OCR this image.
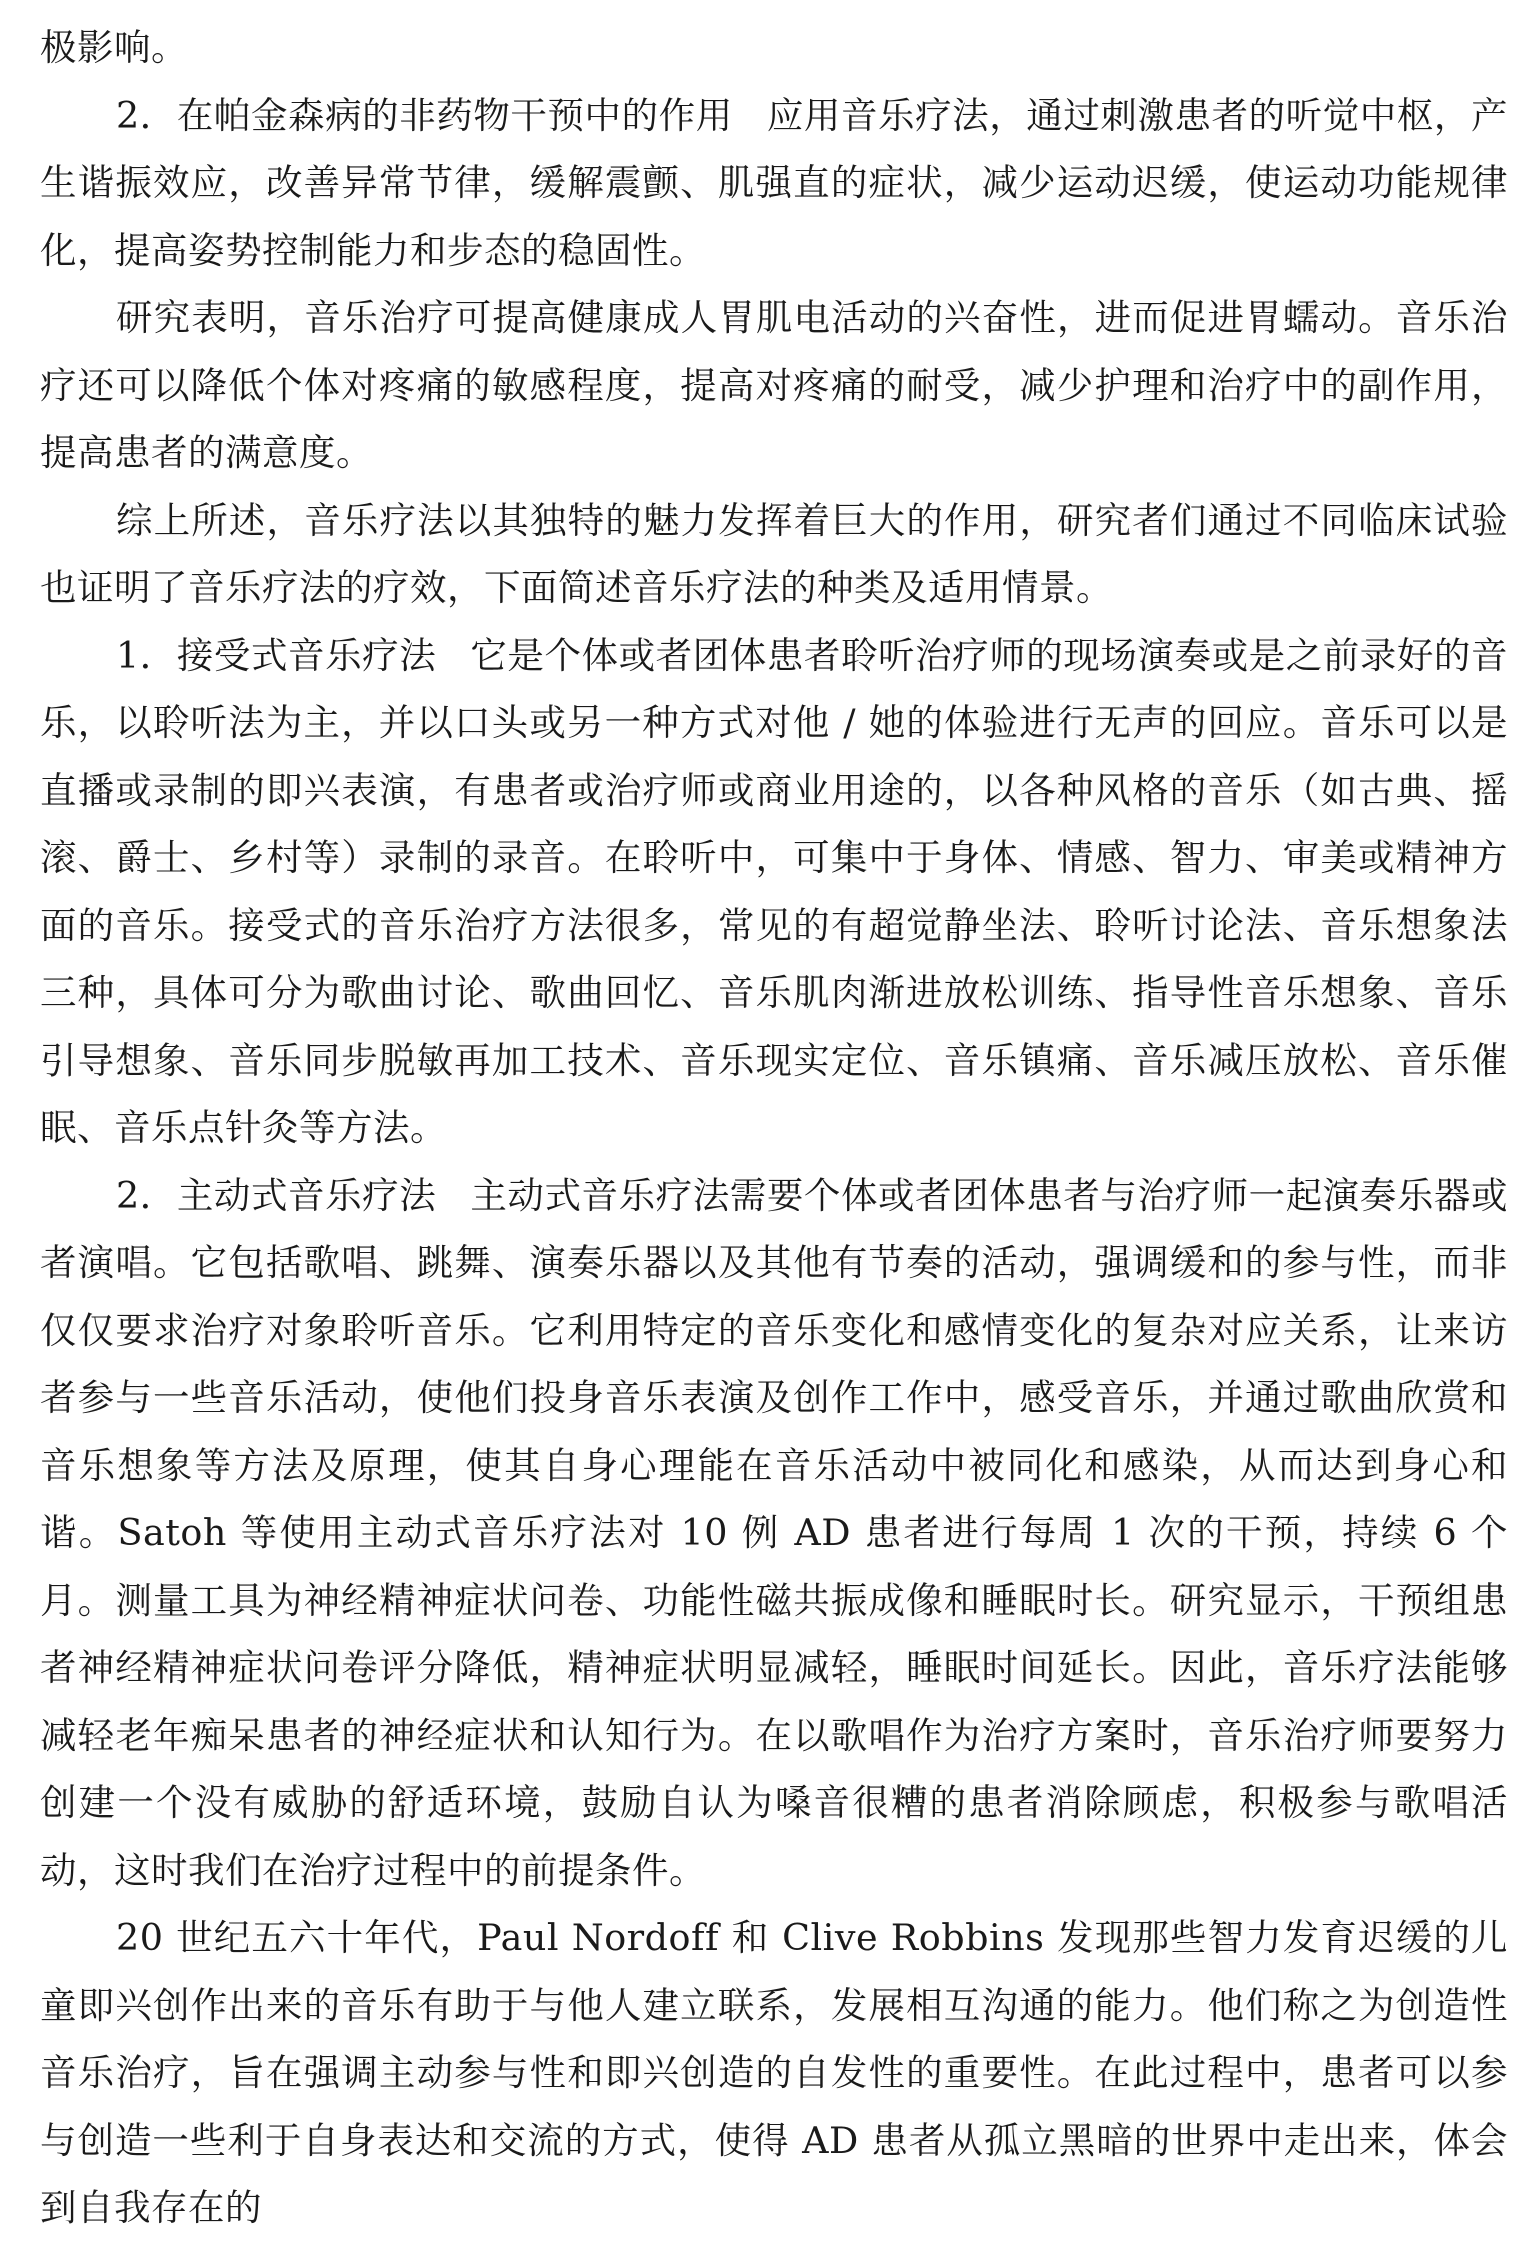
极影响。

2．在帕金森病的非药物干预中的作用 应用音乐疗法，通过刺激患者的听觉中枢，产生谐振效应，改善异常节律，缓解震颤、肌强直的症状，减少运动迟缓，使运动功能规律化，提高姿势控制能力和步态的稳固性。

研究表明，音乐治疗可提高健康成人胃肌电活动的兴奋性，进而促进胃蠕动。音乐治疗还可以降低个体对疼痛的敏感程度，提高对疼痛的耐受，减少护理和治疗中的副作用，提高患者的满意度。

综上所述，音乐疗法以其独特的魅力发挥着巨大的作用，研究者们通过不同临床试验也证明了音乐疗法的疗效，下面简述音乐疗法的种类及适用情景。

1．接受式音乐疗法 它是个体或者团体患者聆听治疗师的现场演奏或是之前录好的音乐，以聆听法为主，并以口头或另一种方式对他 / 她的体验进行无声的回应。音乐可以是直播或录制的即兴表演，有患者或治疗师或商业用途的，以各种风格的音乐（如古典、摇滚、爵士、乡村等）录制的录音。在聆听中，可集中于身体、情感、智力、审美或精神方面的音乐。接受式的音乐治疗方法很多，常见的有超觉静坐法、聆听讨论法、音乐想象法三种，具体可分为歌曲讨论、歌曲回忆、音乐肌肉渐进放松训练、指导性音乐想象、音乐引导想象、音乐同步脱敏再加工技术、音乐现实定位、音乐镇痛、音乐减压放松、音乐催眠、音乐点针灸等方法。

2．主动式音乐疗法 主动式音乐疗法需要个体或者团体患者与治疗师一起演奏乐器或者演唱。它包括歌唱、跳舞、演奏乐器以及其他有节奏的活动，强调缓和的参与性，而非仅仅要求治疗对象聆听音乐。它利用特定的音乐变化和感情变化的复杂对应关系，让来访者参与一些音乐活动，使他们投身音乐表演及创作工作中，感受音乐，并通过歌曲欣赏和音乐想象等方法及原理，使其自身心理能在音乐活动中被同化和感染，从而达到身心和谐。Satoh 等使用主动式音乐疗法对 10 例 AD 患者进行每周 1 次的干预，持续 6 个月。测量工具为神经精神症状问卷、功能性磁共振成像和睡眠时长。研究显示，干预组患者神经精神症状问卷评分降低，精神症状明显减轻，睡眠时间延长。因此，音乐疗法能够减轻老年痴呆患者的神经症状和认知行为。在以歌唱作为治疗方案时，音乐治疗师要努力创建一个没有威胁的舒适环境，鼓励自认为嗓音很糟的患者消除顾虑，积极参与歌唱活动，这时我们在治疗过程中的前提条件。

20 世纪五六十年代，Paul Nordoff 和 Clive Robbins 发现那些智力发育迟缓的儿童即兴创作出来的音乐有助于与他人建立联系，发展相互沟通的能力。他们称之为创造性音乐治疗，旨在强调主动参与性和即兴创造的自发性的重要性。在此过程中，患者可以参与创造一些利于自身表达和交流的方式，使得 AD 患者从孤立黑暗的世界中走出来，体会到自我存在的
